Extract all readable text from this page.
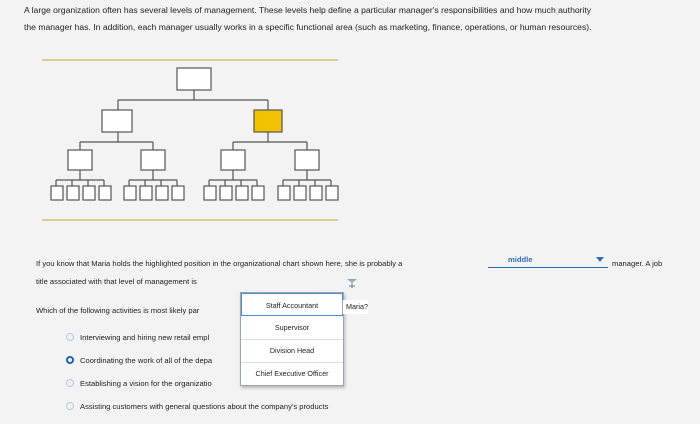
A large organization often has several levels of management. These levels help define a particular manager's responsibilities and how much authority

the manager has. In addition, each manager usually works in a specific functional area (such as marketing, finance, operations, or human resources).

If you know that Maria holds the highlighted position in the organizational chart shown here, she is probably a	middle	manager. A job
title associated with that level of management is
Which of the following activities is most likely par
Interviewing and hiring new retail empl
Coordinating the work of all of the depa
Establishing a vision for the organizatio
Assisting customers with general questions about the company's products
Staff Accountant
Supervisor
Division Head
Chief Executive Officer
Maria?
